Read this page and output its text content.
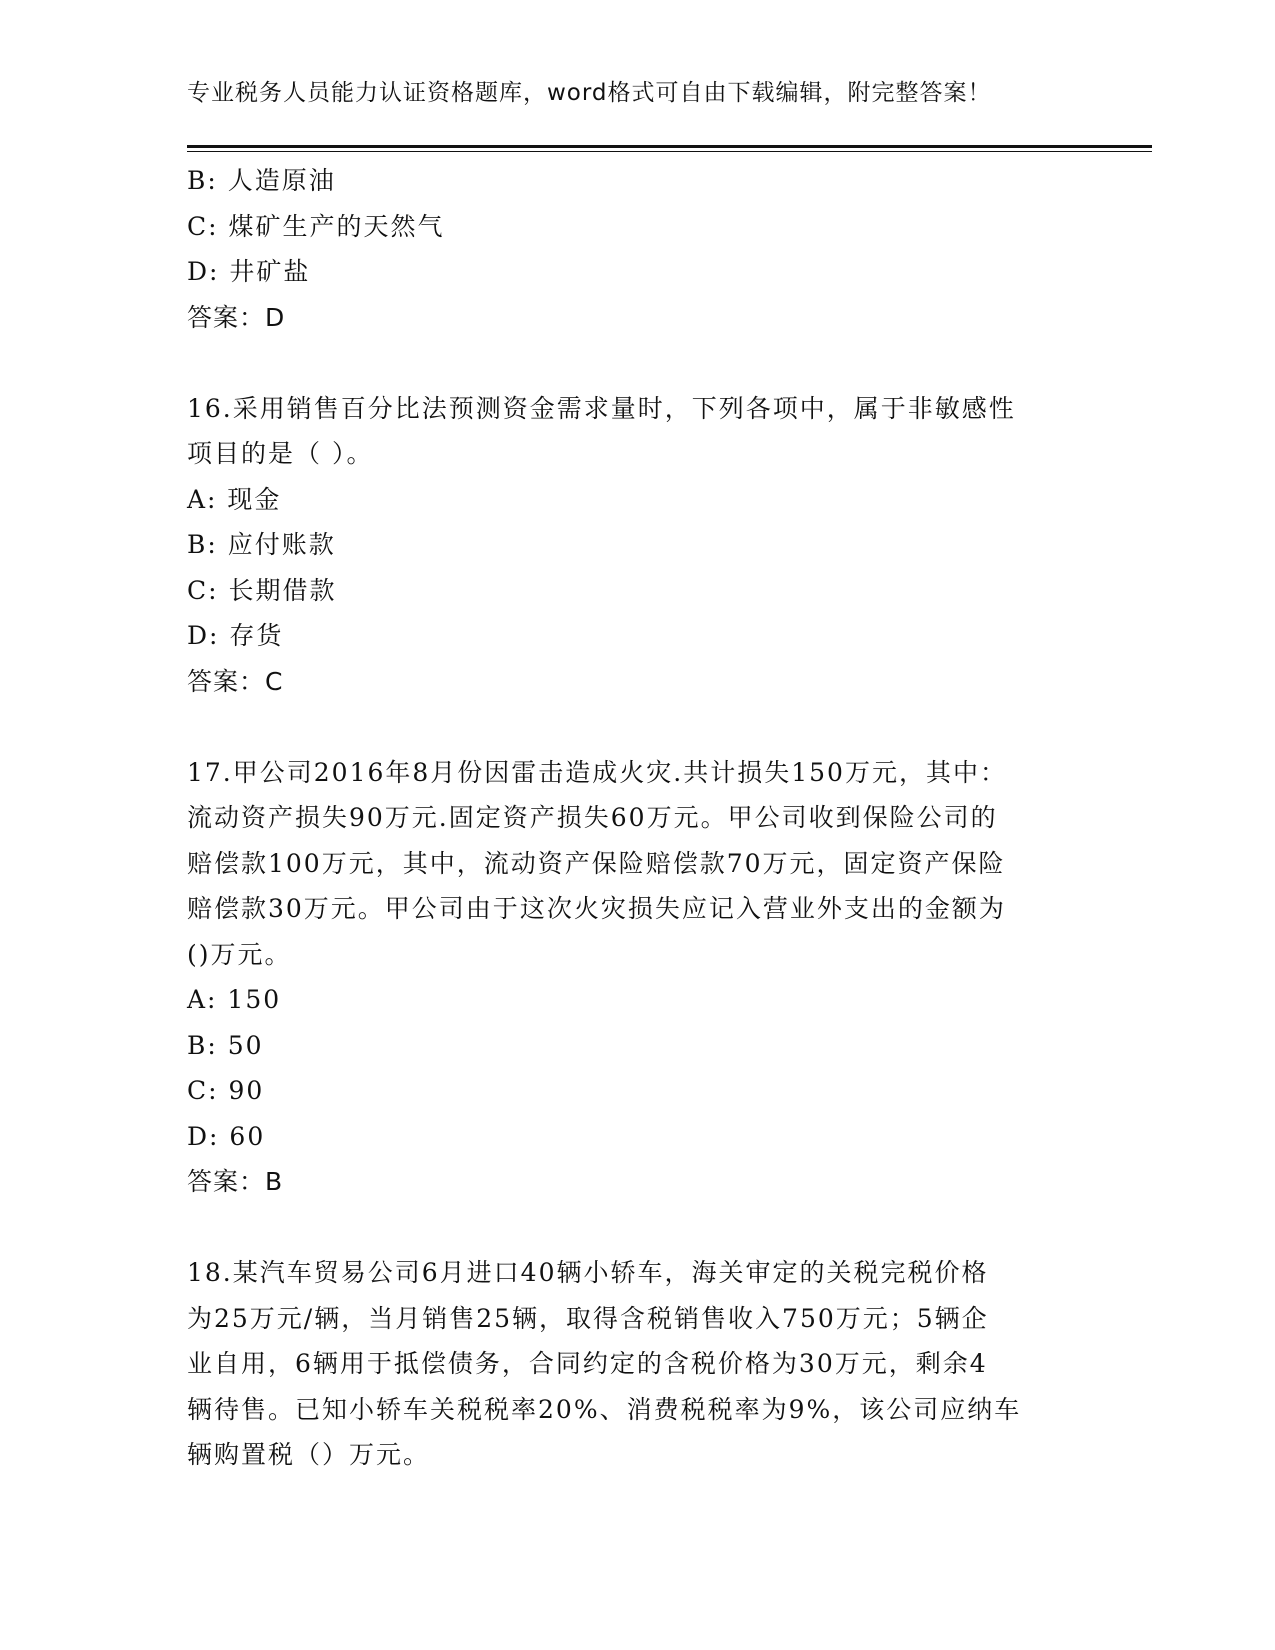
专业税务人员能力认证资格题库，word格式可自由下载编辑，附完整答案！
B: 人造原油
C: 煤矿生产的天然气
D: 井矿盐
答案：D
16.采用销售百分比法预测资金需求量时，下列各项中，属于非敏感性
项目的是（ ）。
A: 现金
B: 应付账款
C: 长期借款
D: 存货
答案：C
17.甲公司2016年8月份因雷击造成火灾.共计损失150万元，其中：
流动资产损失90万元.固定资产损失60万元。甲公司收到保险公司的
赔偿款100万元，其中，流动资产保险赔偿款70万元，固定资产保险
赔偿款30万元。甲公司由于这次火灾损失应记入营业外支出的金额为
()万元。
A: 150
B: 50
C: 90
D: 60
答案：B
18.某汽车贸易公司6月进口40辆小轿车，海关审定的关税完税价格
为25万元/辆，当月销售25辆，取得含税销售收入750万元；5辆企
业自用，6辆用于抵偿债务，合同约定的含税价格为30万元，剩余4
辆待售。已知小轿车关税税率20%、消费税税率为9%，该公司应纳车
辆购置税（）万元。
